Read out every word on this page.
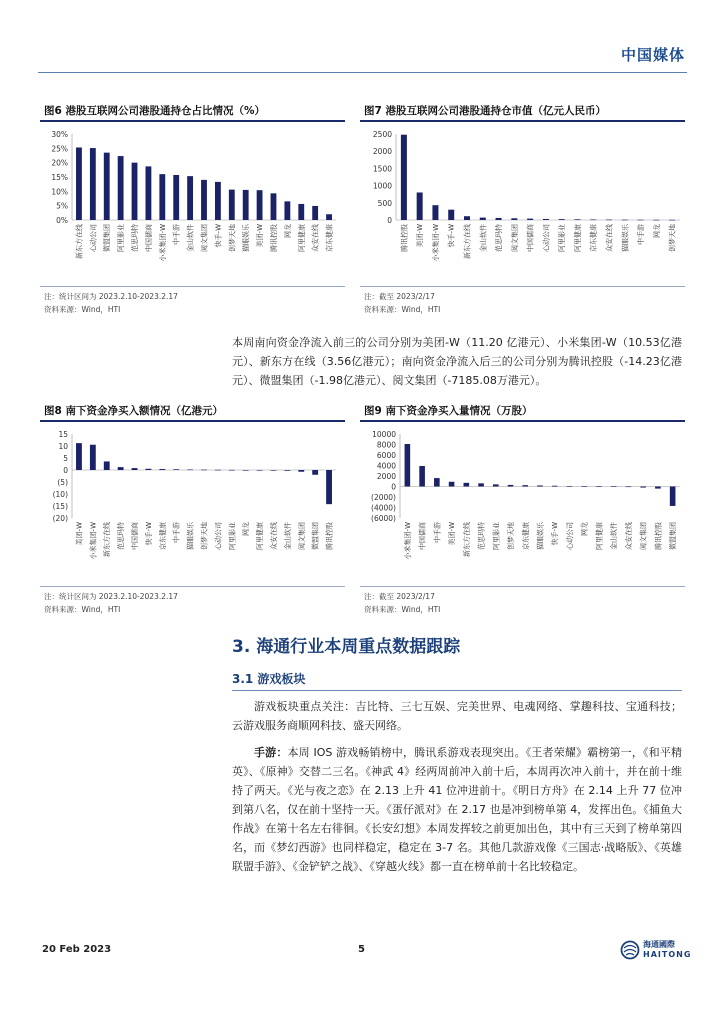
中国媒体
图6 港股互联网公司港股通持仓占比情况（%）
30%
25%
20%
15%
10%
5%
0%
新东方在线 心动公司 微盟集团 阿里影业 范思玛特 中国儒商 小米集团-W 中手游 金山软件 阅文集团 快手-W 创梦天地 猫眼娱乐 美团-W 腾讯控股 网龙 阿里健康 众安在线 京东健康
注：统计区间为 2023.2.10-2023.2.17
资料来源：Wind，HTI
图7 港股互联网公司港股通持仓市值（亿元人民币）
2500
2000
1500
1000
500
0
腾讯控股 美团-W 小米集团-W 快手-W 新东方在线 金山软件 范思玛特 阅文集团 中国儒商 心动公司 阿里影业 阿里健康 京东健康 众安在线 猫眼娱乐 中手游 网龙 创梦天地
注：截至 2023/2/17
资料来源：Wind，HTI
本周南向资金净流入前三的公司分别为美团-W（11.20 亿港元）、小米集团-W（10.53亿港元）、新东方在线（3.56亿港元）；南向资金净流入后三的公司分别为腾讯控股（-14.23亿港元）、微盟集团（-1.98亿港元）、阅文集团（-7185.08万港元）。
图8 南下资金净买入额情况（亿港元）
15
10
5
0
(5)
(10)
(15)
(20)
美团-W 小米集团-W 新东方在线 范思玛特 中国儒商 快手-W 京东健康 中手游 猫眼娱乐 创梦天地 心动公司 阿里影业 网龙 阿里健康 众安在线 金山软件 阅文集团 微盟集团 腾讯控股
注：统计区间为 2023.2.10-2023.2.17
资料来源：Wind，HTI
图9 南下资金净买入量情况（万股）
10000
8000
6000
4000
2000
0
(2000)
(4000)
(6000)
小米集团-W 中国儒商 中手游 美团-W 新东方在线 范思玛特 阿里影业 创梦天地 京东健康 猫眼娱乐 快手-W 心动公司 网龙 阿里健康 金山软件 众安在线 阅文集团 腾讯控股 微盟集团
注：截至 2023/2/17
资料来源：Wind，HTI
3. 海通行业本周重点数据跟踪
3.1 游戏板块
游戏板块重点关注：吉比特、三七互娱、完美世界、电魂网络、掌趣科技、宝通科技；云游戏服务商顺网科技、盛天网络。
手游：本周 IOS 游戏畅销榜中，腾讯系游戏表现突出。《王者荣耀》霸榜第一，《和平精英》、《原神》交替二三名。《神武 4》经两周前冲入前十后，本周再次冲入前十，并在前十维持了两天。《光与夜之恋》在 2.13 上升 41 位冲进前十。《明日方舟》在 2.14 上升 77 位冲到第八名，仅在前十坚持一天。《蛋仔派对》在 2.17 也是冲到榜单第 4，发挥出色。《捕鱼大作战》在第十名左右徘徊。《长安幻想》本周发挥较之前更加出色，其中有三天到了榜单第四名，而《梦幻西游》也同样稳定，稳定在 3-7 名。其他几款游戏像《三国志·战略版》、《英雄联盟手游》、《金铲铲之战》、《穿越火线》都一直在榜单前十名比较稳定。
20 Feb 2023	5	海通國際
HAITONG
